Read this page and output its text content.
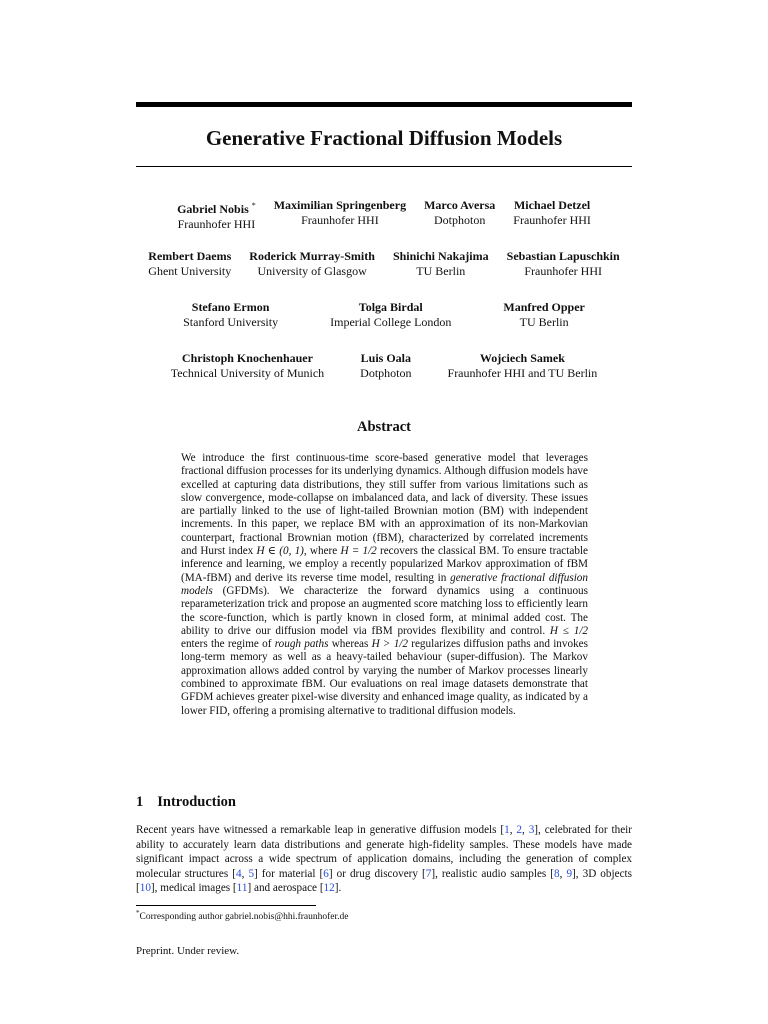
Generative Fractional Diffusion Models
Gabriel Nobis *
Fraunhofer HHI
Maximilian Springenberg
Fraunhofer HHI
Marco Aversa
Dotphoton
Michael Detzel
Fraunhofer HHI
Rembert Daems
Ghent University
Roderick Murray-Smith
University of Glasgow
Shinichi Nakajima
TU Berlin
Sebastian Lapuschkin
Fraunhofer HHI
Stefano Ermon
Stanford University
Tolga Birdal
Imperial College London
Manfred Opper
TU Berlin
Christoph Knochenhauer
Technical University of Munich
Luis Oala
Dotphoton
Wojciech Samek
Fraunhofer HHI and TU Berlin
Abstract

We introduce the first continuous-time score-based generative model that leverages fractional diffusion processes for its underlying dynamics. Although diffusion models have excelled at capturing data distributions, they still suffer from various limitations such as slow convergence, mode-collapse on imbalanced data, and lack of diversity. These issues are partially linked to the use of light-tailed Brownian motion (BM) with independent increments. In this paper, we replace BM with an approximation of its non-Markovian counterpart, fractional Brownian motion (fBM), characterized by correlated increments and Hurst index H ∈ (0, 1), where H = 1/2 recovers the classical BM. To ensure tractable inference and learning, we employ a recently popularized Markov approximation of fBM (MA-fBM) and derive its reverse time model, resulting in generative fractional diffusion models (GFDMs). We characterize the forward dynamics using a continuous reparameterization trick and propose an augmented score matching loss to efficiently learn the score-function, which is partly known in closed form, at minimal added cost. The ability to drive our diffusion model via fBM provides flexibility and control. H ≤ 1/2 enters the regime of rough paths whereas H > 1/2 regularizes diffusion paths and invokes long-term memory as well as a heavy-tailed behaviour (super-diffusion). The Markov approximation allows added control by varying the number of Markov processes linearly combined to approximate fBM. Our evaluations on real image datasets demonstrate that GFDM achieves greater pixel-wise diversity and enhanced image quality, as indicated by a lower FID, offering a promising alternative to traditional diffusion models.

1 Introduction

Recent years have witnessed a remarkable leap in generative diffusion models [1, 2, 3], celebrated for their ability to accurately learn data distributions and generate high-fidelity samples. These models have made significant impact across a wide spectrum of application domains, including the generation of complex molecular structures [4, 5] for material [6] or drug discovery [7], realistic audio samples [8, 9], 3D objects [10], medical images [11] and aerospace [12].

*Corresponding author gabriel.nobis@hhi.fraunhofer.de

Preprint. Under review.
